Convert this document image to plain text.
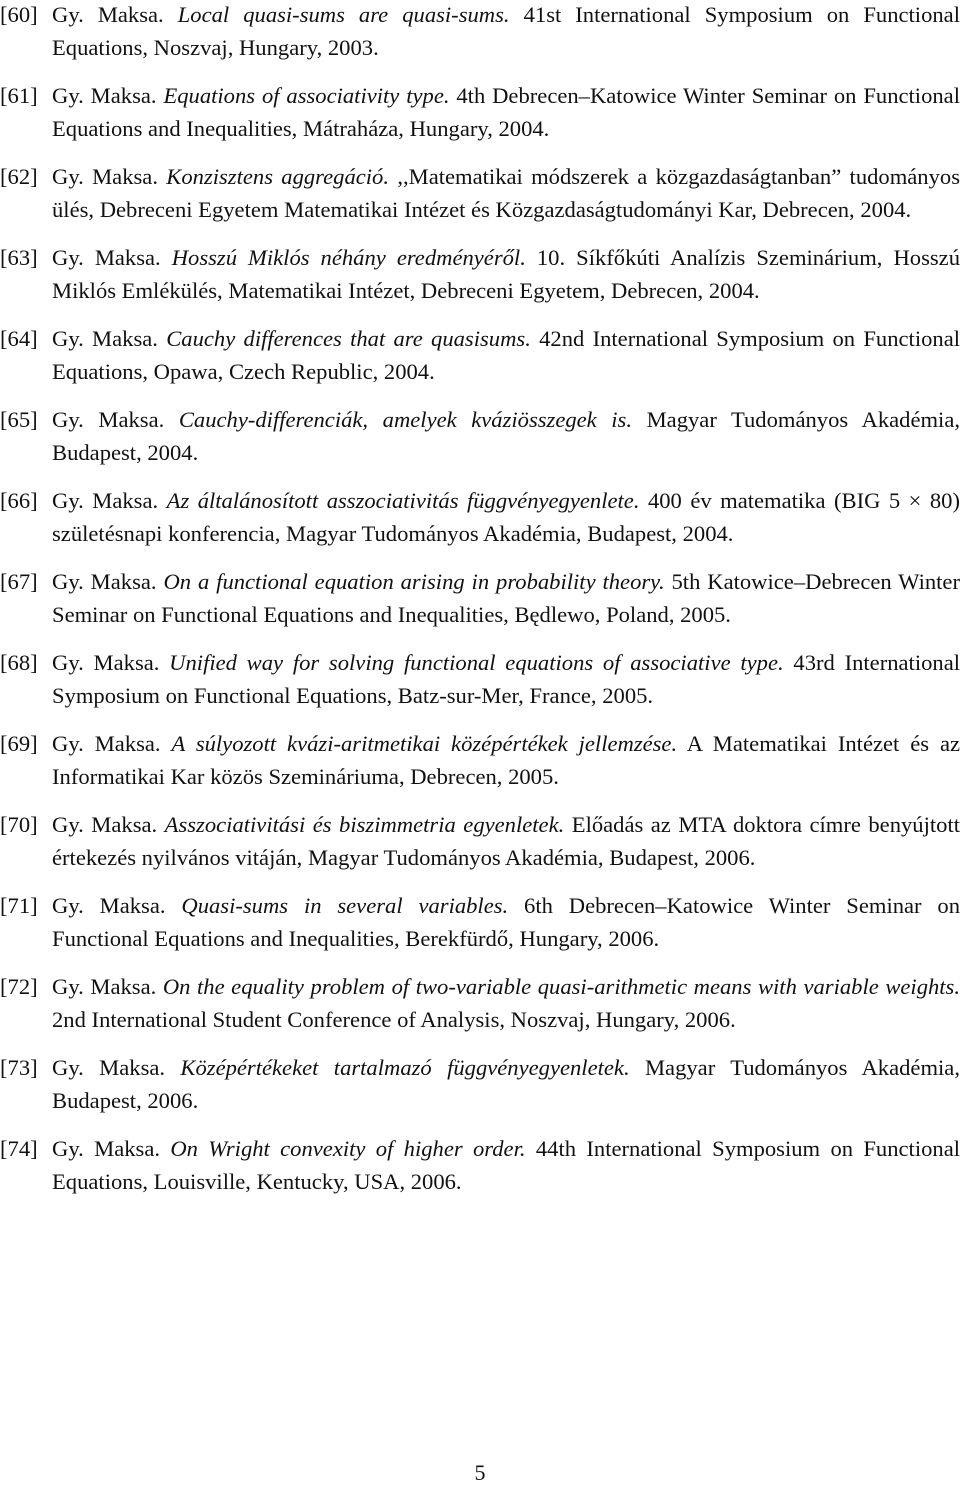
[60] Gy. Maksa. Local quasi-sums are quasi-sums. 41st International Symposium on Functional Equations, Noszvaj, Hungary, 2003.
[61] Gy. Maksa. Equations of associativity type. 4th Debrecen–Katowice Winter Seminar on Functional Equations and Inequalities, Mátraháza, Hungary, 2004.
[62] Gy. Maksa. Konzisztens aggregáció. ,,Matematikai módszerek a közgazdaságtanban” tudományos ülés, Debreceni Egyetem Matematikai Intézet és Közgazdaságtudományi Kar, Debrecen, 2004.
[63] Gy. Maksa. Hosszú Miklós néhány eredményéről. 10. Síkfőkúti Analízis Szeminárium, Hosszú Miklós Emlékülés, Matematikai Intézet, Debreceni Egyetem, Debrecen, 2004.
[64] Gy. Maksa. Cauchy differences that are quasisums. 42nd International Symposium on Functional Equations, Opawa, Czech Republic, 2004.
[65] Gy. Maksa. Cauchy-differenciák, amelyek kváziösszegek is. Magyar Tudományos Akadémia, Budapest, 2004.
[66] Gy. Maksa. Az általánosított asszociativitás függvényegyenlete. 400 év matematika (BIG 5 × 80) születésnapi konferencia, Magyar Tudományos Akadémia, Budapest, 2004.
[67] Gy. Maksa. On a functional equation arising in probability theory. 5th Katowice–Debrecen Winter Seminar on Functional Equations and Inequalities, Będlewo, Poland, 2005.
[68] Gy. Maksa. Unified way for solving functional equations of associative type. 43rd International Symposium on Functional Equations, Batz-sur-Mer, France, 2005.
[69] Gy. Maksa. A súlyozott kvázi-aritmetikai középértékek jellemzése. A Matematikai Intézet és az Informatikai Kar közös Szemináriuma, Debrecen, 2005.
[70] Gy. Maksa. Asszociativitási és biszimmetria egyenletek. Előadás az MTA doktora címre benyújtott értekezés nyilvános vitáján, Magyar Tudományos Akadémia, Budapest, 2006.
[71] Gy. Maksa. Quasi-sums in several variables. 6th Debrecen–Katowice Winter Seminar on Functional Equations and Inequalities, Berekfürdő, Hungary, 2006.
[72] Gy. Maksa. On the equality problem of two-variable quasi-arithmetic means with variable weights. 2nd International Student Conference of Analysis, Noszvaj, Hungary, 2006.
[73] Gy. Maksa. Középértékeket tartalmazó függvényegyenletek. Magyar Tudományos Akadémia, Budapest, 2006.
[74] Gy. Maksa. On Wright convexity of higher order. 44th International Symposium on Functional Equations, Louisville, Kentucky, USA, 2006.
5
